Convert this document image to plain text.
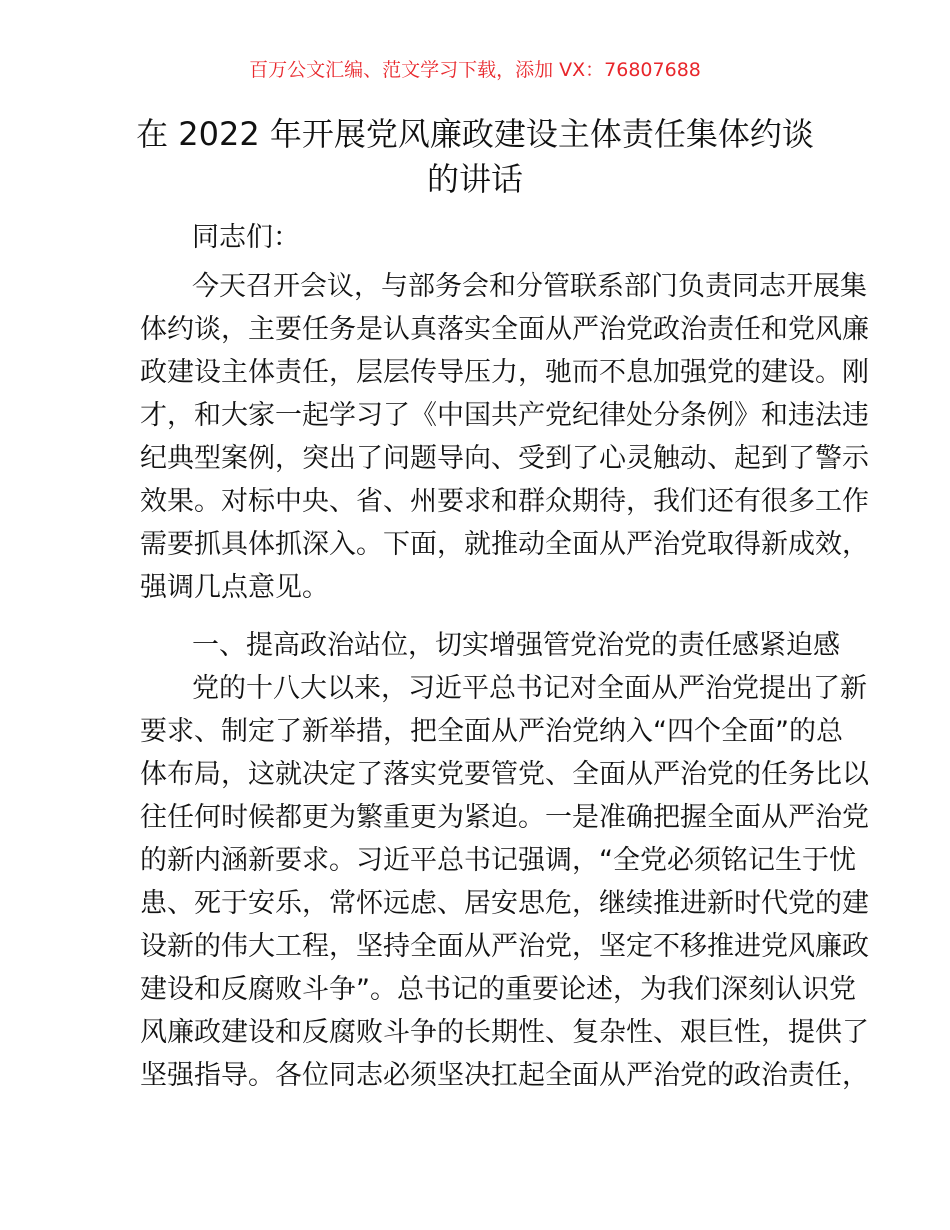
百万公文汇编、范文学习下载，添加 VX：76807688
在 2022 年开展党风廉政建设主体责任集体约谈
的讲话
同志们：
今天召开会议，与部务会和分管联系部门负责同志开展集
体约谈，主要任务是认真落实全面从严治党政治责任和党风廉
政建设主体责任，层层传导压力，驰而不息加强党的建设。刚
才，和大家一起学习了《中国共产党纪律处分条例》和违法违
纪典型案例，突出了问题导向、受到了心灵触动、起到了警示
效果。对标中央、省、州要求和群众期待，我们还有很多工作
需要抓具体抓深入。下面，就推动全面从严治党取得新成效，
强调几点意见。
一、提高政治站位，切实增强管党治党的责任感紧迫感
党的十八大以来，习近平总书记对全面从严治党提出了新
要求、制定了新举措，把全面从严治党纳入“四个全面”的总
体布局，这就决定了落实党要管党、全面从严治党的任务比以
往任何时候都更为繁重更为紧迫。一是准确把握全面从严治党
的新内涵新要求。习近平总书记强调，“全党必须铭记生于忧
患、死于安乐，常怀远虑、居安思危，继续推进新时代党的建
设新的伟大工程，坚持全面从严治党，坚定不移推进党风廉政
建设和反腐败斗争”。总书记的重要论述，为我们深刻认识党
风廉政建设和反腐败斗争的长期性、复杂性、艰巨性，提供了
坚强指导。各位同志必须坚决扛起全面从严治党的政治责任，
